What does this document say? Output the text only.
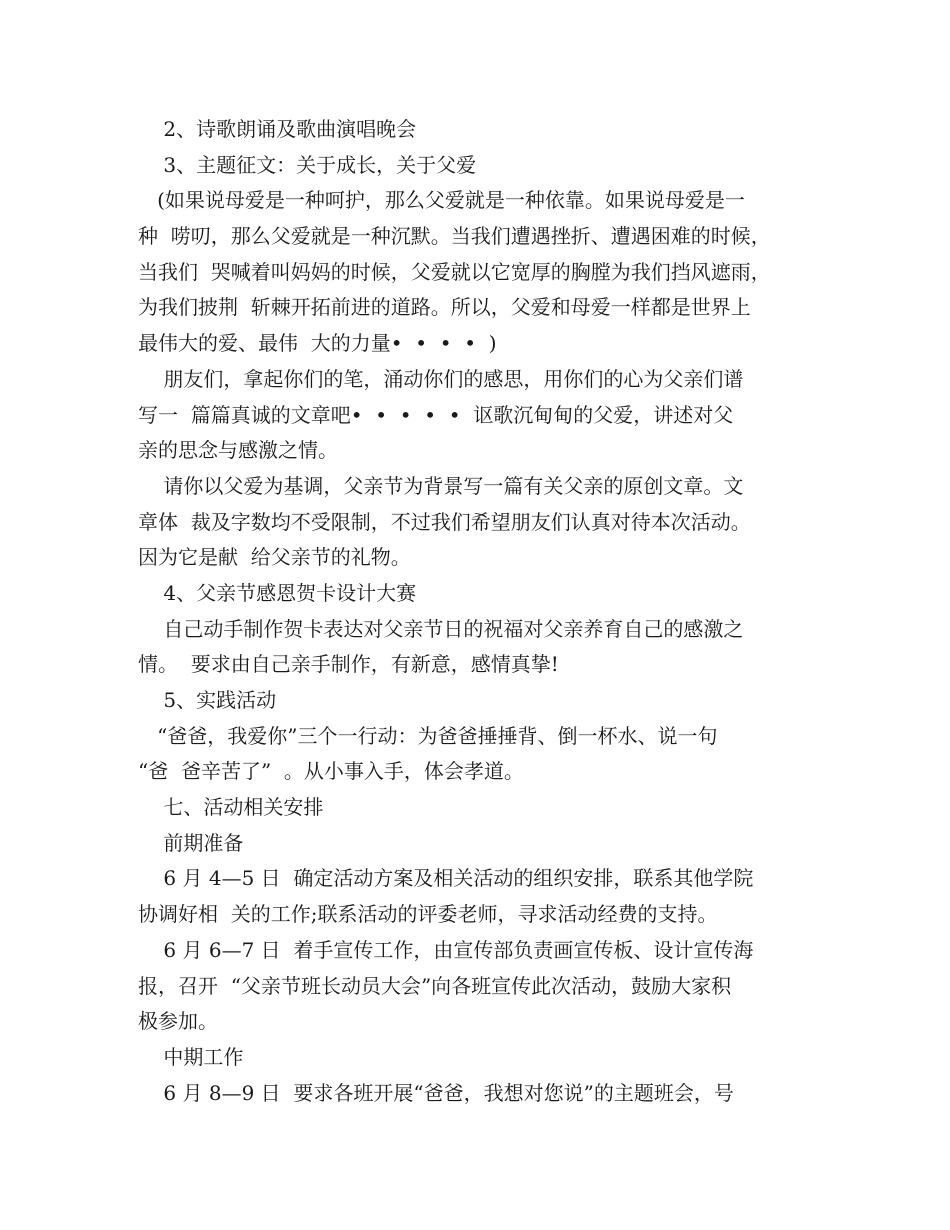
2、诗歌朗诵及歌曲演唱晚会
3、主题征文：关于成长，关于父爱
(如果说母爱是一种呵护，那么父爱就是一种依靠。如果说母爱是一
种  唠叨，那么父爱就是一种沉默。当我们遭遇挫折、遭遇困难的时候，
当我们  哭喊着叫妈妈的时候，父爱就以它宽厚的胸膛为我们挡风遮雨，
为我们披荆  斩棘开拓前进的道路。所以，父爱和母爱一样都是世界上
最伟大的爱、最伟  大的力量•  •  •  •  )
朋友们，拿起你们的笔，涌动你们的感思，用你们的心为父亲们谱
写一  篇篇真诚的文章吧•  •  •  •  •  讴歌沉甸甸的父爱，讲述对父
亲的思念与感激之情。
请你以父爱为基调，父亲节为背景写一篇有关父亲的原创文章。文
章体  裁及字数均不受限制，不过我们希望朋友们认真对待本次活动。
因为它是献  给父亲节的礼物。
4、父亲节感恩贺卡设计大赛
自己动手制作贺卡表达对父亲节日的祝福对父亲养育自己的感激之
情。  要求由自己亲手制作，有新意，感情真挚!
5、实践活动
“爸爸，我爱你”三个一行动：为爸爸捶捶背、倒一杯水、说一句
“爸  爸辛苦了”  。从小事入手，体会孝道。
七、活动相关安排
前期准备
6 月 4—5 日  确定活动方案及相关活动的组织安排，联系其他学院
协调好相  关的工作;联系活动的评委老师，寻求活动经费的支持。
6 月 6—7 日  着手宣传工作，由宣传部负责画宣传板、设计宣传海
报，召开  “父亲节班长动员大会”向各班宣传此次活动，鼓励大家积
极参加。
中期工作
6 月 8—9 日  要求各班开展“爸爸，我想对您说”的主题班会，号
